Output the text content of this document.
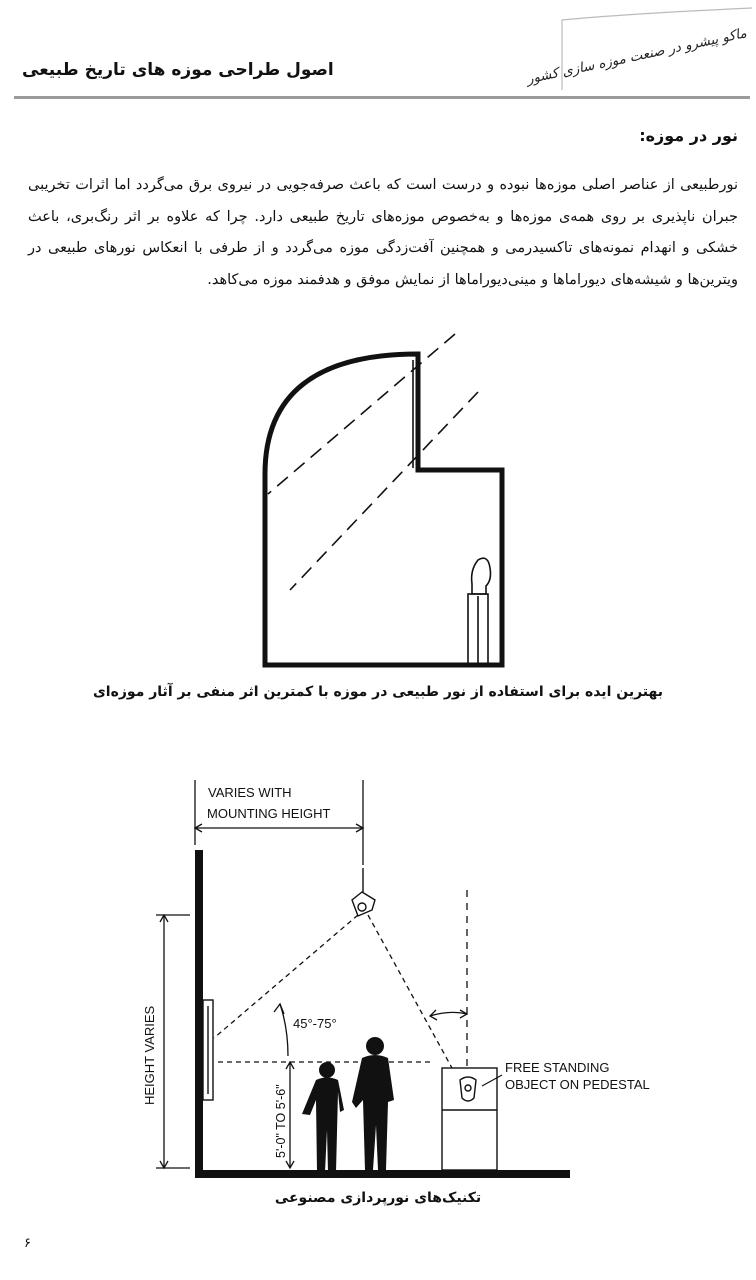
اصول طراحی موزه های تاریخ طبیعی	ماکو پیشرو در صنعت موزه سازی کشور
نور در موزه:
نورطبیعی از عناصر اصلی موزه‌ها نبوده و درست است که باعث صرفه‌جویی در نیروی برق می‌گردد اما اثرات تخریبی جبران ناپذیری بر روی همه‌ی موزه‌ها و به‌خصوص موزه‌های تاریخ طبیعی دارد. چرا که علاوه بر اثر رنگ‌بری، باعث خشکی و انهدام نمونه‌های تاکسیدرمی و همچنین آفت‌زدگی موزه می‌گردد و از طرفی با انعکاس نورهای طبیعی در ویترین‌ها و شیشه‌های دیوراماها و مینی‌دیوراماها از نمایش موفق و هدفمند موزه می‌کاهد.
بهترین ایده برای استفاده از نور طبیعی در موزه با کمترین اثر منفی بر آثار موزه‌ای
VARIES WITH
MOUNTING HEIGHT
HEIGHT VARIES
5'-0" TO 5'-6"
45°-75°
FREE STANDING
OBJECT ON PEDESTAL
تکنیک‌های نورپردازی مصنوعی
۶
